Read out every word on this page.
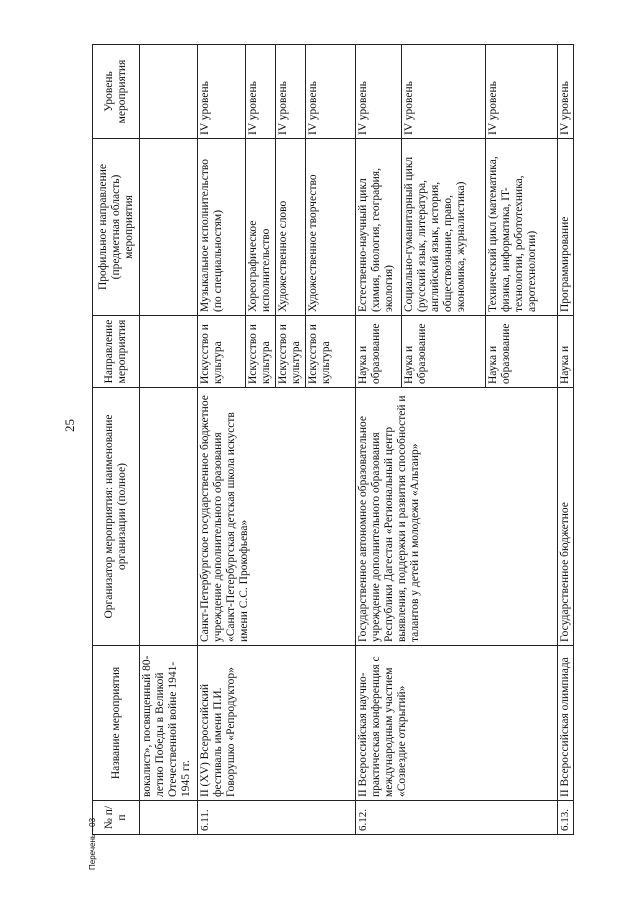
25
№ п/п	Название мероприятия	Организатор мероприятия: наименование организации (полное)	Направление мероприятия	Профильное направление (предметная область) мероприятия	Уровень мероприятия
	вокалист», посвященный 80-летию Победы в Великой Отечественной войне 1941-1945 гг.				
6.11.	II (XV) Всероссийский фестиваль имени П.И. Говорушко «Репродуктор»	Санкт-Петербургское государственное бюджетное учреждение дополнительного образования «Санкт-Петербургская детская школа искусств имени С.С. Прокофьева»	Искусство и культура	Музыкальное исполнительство (по специальностям)	IV уровень
			Искусство и культура	Хореографическое исполнительство	IV уровень
			Искусство и культура	Художественное слово	IV уровень
			Искусство и культура	Художественное творчество	IV уровень
6.12.	II Всероссийская научно-практическая конференция с международным участием «Созвездие открытий»	Государственное автономное образовательное учреждение дополнительного образования Республики Дагестан «Региональный центр выявления, поддержки и развития способностей и талантов у детей и молодежи «Альтаир»	Наука и образование	Естественно-научный цикл (химия, биология, география, экология)	IV уровень
			Наука и образование	Социально-гуманитарный цикл (русский язык, литература, английский язык, история, обществознание, право, экономика, журналистика)	IV уровень
			Наука и образование	Технический цикл (математика, физика, информатика, IT-технологии, робототехника, аэротехнологии)	IV уровень
6.13.	II Всероссийская олимпиада	Государственное бюджетное	Наука и	Программирование	IV уровень
Перечень - 03
